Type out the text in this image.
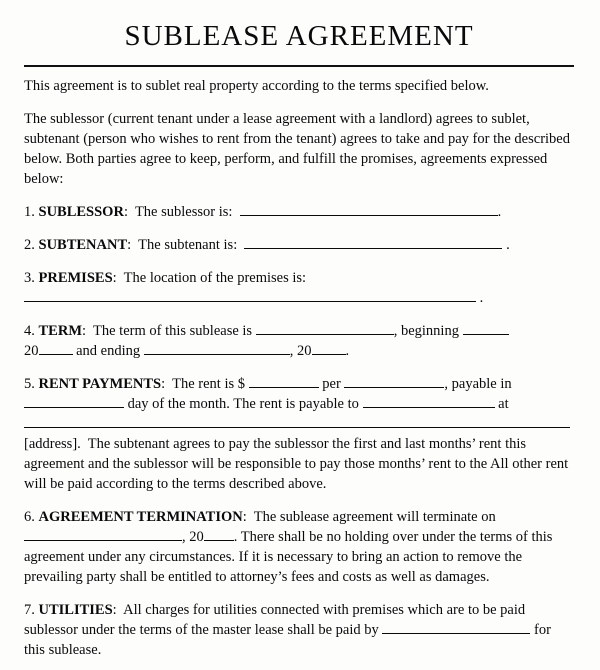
SUBLEASE AGREEMENT

This agreement is to sublet real property according to the terms specified below.

The sublessor (current tenant under a lease agreement with a landlord) agrees to sublet, subtenant (person who wishes to rent from the tenant) agrees to take and pay for the described below. Both parties agree to keep, perform, and fulfill the promises, agreements expressed below:

1. SUBLESSOR:  The sublessor is:	.

2. SUBTENANT:  The subtenant is:	.

3. PREMISES:  The location of the premises is:
.

4. TERM:  The term of this sublease is	, beginning
20 and ending	, 20 .

5. RENT PAYMENTS:  The rent is $	per	, payable in
day of the month. The rent is payable to	at

[address].  The subtenant agrees to pay the sublessor the first and last months’ rent this agreement and the sublessor will be responsible to pay those months’ rent to the All other rent will be paid according to the terms described above.

6. AGREEMENT TERMINATION:  The sublease agreement will terminate on
, 20 . There shall be no holding over under the terms of this agreement under any circumstances. If it is necessary to bring an action to remove the prevailing party shall be entitled to attorney’s fees and costs as well as damages.

7. UTILITIES:  All charges for utilities connected with premises which are to be paid sublessor under the terms of the master lease shall be paid by	for this sublease.
